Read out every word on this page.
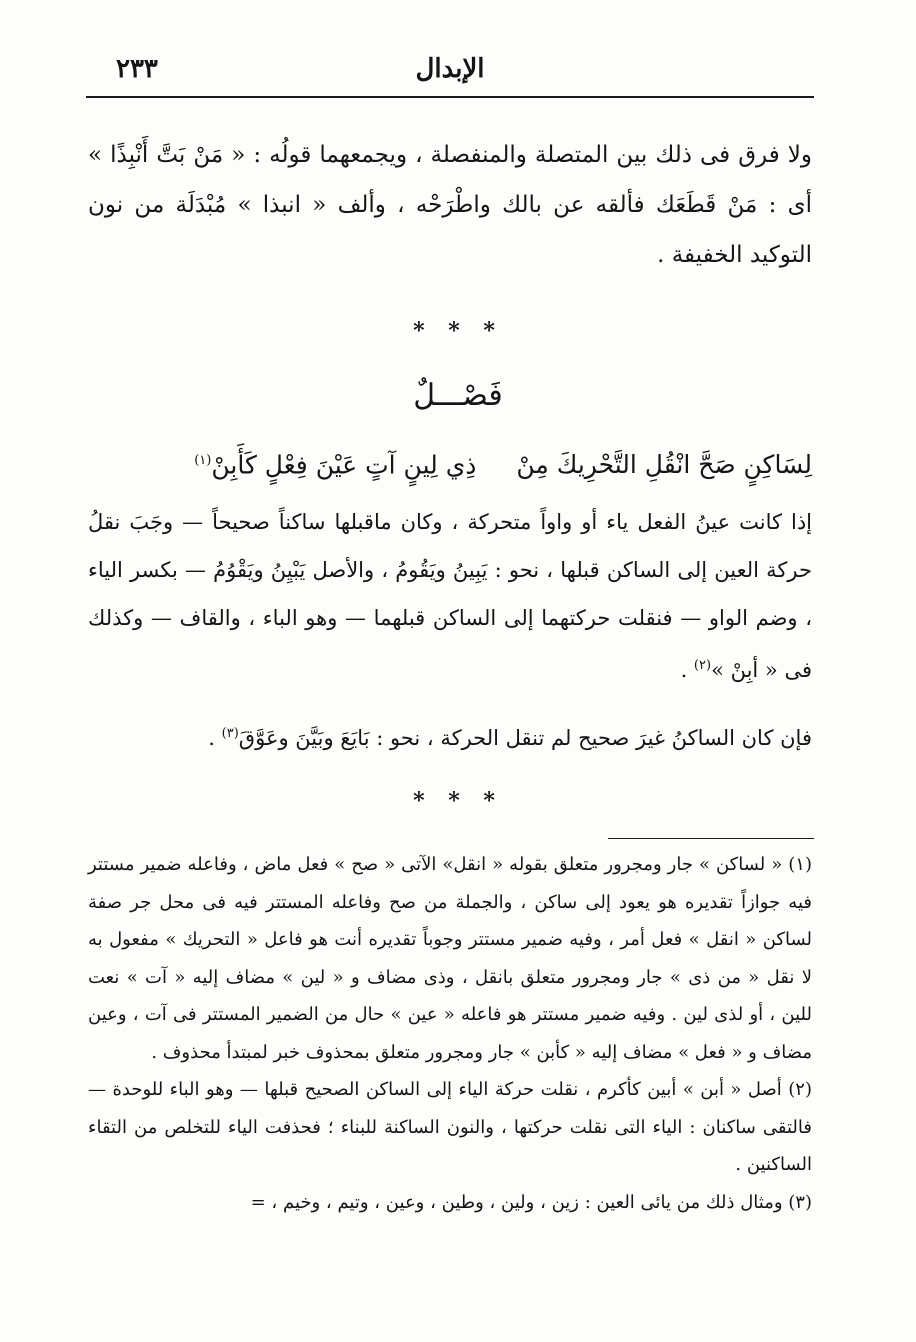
الإبدال
٢٣٣
ولا فرق فى ذلك بين المتصلة والمنفصلة ، ويجمعهما قولُه : « مَنْ بَتَّ أَنْبِذًا » أى : مَنْ قَطَعَك فألقه عن بالك واطْرَحْه ، وألف « انبذا » مُبْدَلَة من نون التوكيد الخفيفة .
* * *
فَصْـــلٌ
لِسَاكِنٍ صَحَّ انْقُلِ التَّحْرِيكَ مِنْذِي لِينٍ آتٍ عَيْنَ فِعْلٍ كَأَبِنْ$^{(١)}$
إذا كانت عينُ الفعل ياء أو واواً متحركة ، وكان ماقبلها ساكناً صحيحاً — وجَبَ نقلُ حركة العين إلى الساكن قبلها ، نحو : يَبِينُ ويَقُومُ ، والأصل يَبْيِنُ ويَقْوُمُ — بكسر الياء ، وضم الواو — فنقلت حركتهما إلى الساكن قبلهما — وهو الباء ، والقاف — وكذلك فى « أبِنْ »$^{(٢)}$ .
فإن كان الساكنُ غيرَ صحيح لم تنقل الحركة ، نحو : بَايَعَ وبَيَّنَ وعَوَّقَ$^{(٣)}$ .
* * *

(١) « لساكن » جار ومجرور متعلق بقوله « انقل» الآتى « صح » فعل ماض ، وفاعله ضمير مستتر فيه جوازاً تقديره هو يعود إلى ساكن ، والجملة من صح وفاعله المستتر فيه فى محل جر صفة لساكن « انقل » فعل أمر ، وفيه ضمير مستتر وجوباً تقديره أنت هو فاعل « التحريك » مفعول به لا نقل « من ذى » جار ومجرور متعلق بانقل ، وذى مضاف و « لين » مضاف إليه « آت » نعت للين ، أو لذى لين . وفيه ضمير مستتر هو فاعله « عين » حال من الضمير المستتر فى آت ، وعين مضاف و « فعل » مضاف إليه « كأبن » جار ومجرور متعلق بمحذوف خبر لمبتدأ محذوف .

(٢) أصل « أبن » أبين كأكرم ، نقلت حركة الياء إلى الساكن الصحيح قبلها — وهو الباء للوحدة — فالتقى ساكنان : الياء التى نقلت حركتها ، والنون الساكنة للبناء ؛ فحذفت الياء للتخلص من التقاء الساكنين .

(٣) ومثال ذلك من يائى العين : زين ، ولين ، وطين ، وعين ، وتيم ، وخيم ، =
